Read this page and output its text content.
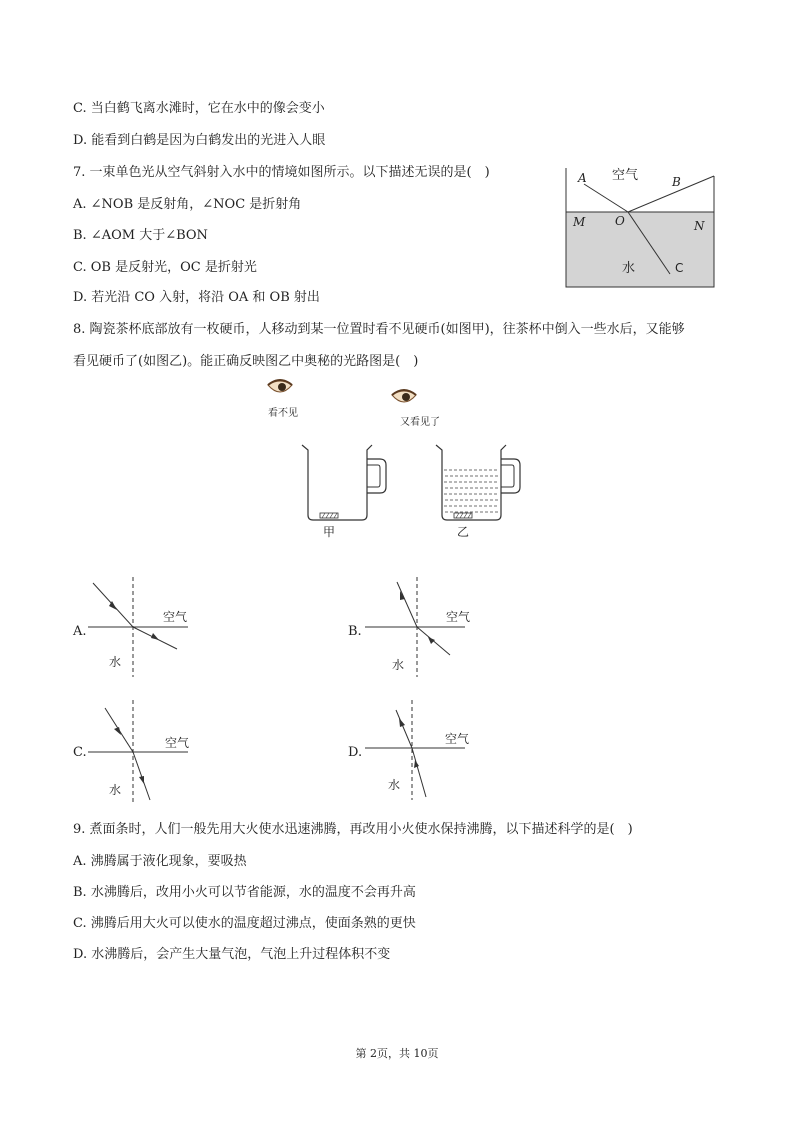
C. 当白鹤飞离水滩时，它在水中的像会变小
D. 能看到白鹤是因为白鹤发出的光进入人眼
7. 一束单色光从空气斜射入水中的情境如图所示。以下描述无误的是(　)
A. ∠NOB 是反射角，∠NOC 是折射角
B. ∠AOM 大于∠BON
C. OB 是反射光，OC 是折射光
D. 若光沿 CO 入射，将沿 OA 和 OB 射出
A 空气	B
M O	N
水	C
8. 陶瓷茶杯底部放有一枚硬币，人移动到某一位置时看不见硬币(如图甲)，往茶杯中倒入一些水后，又能够
看见硬币了(如图乙)。能正确反映图乙中奥秘的光路图是(　)
看不见
又看见了
甲	乙
A.
空气
水
B.
空气
水
C.
空气
水
D.
空气
水
9. 煮面条时，人们一般先用大火使水迅速沸腾，再改用小火使水保持沸腾，以下描述科学的是(　)
A. 沸腾属于液化现象，要吸热
B. 水沸腾后，改用小火可以节省能源，水的温度不会再升高
C. 沸腾后用大火可以使水的温度超过沸点，使面条熟的更快
D. 水沸腾后，会产生大量气泡，气泡上升过程体积不变
第 2页，共 10页
